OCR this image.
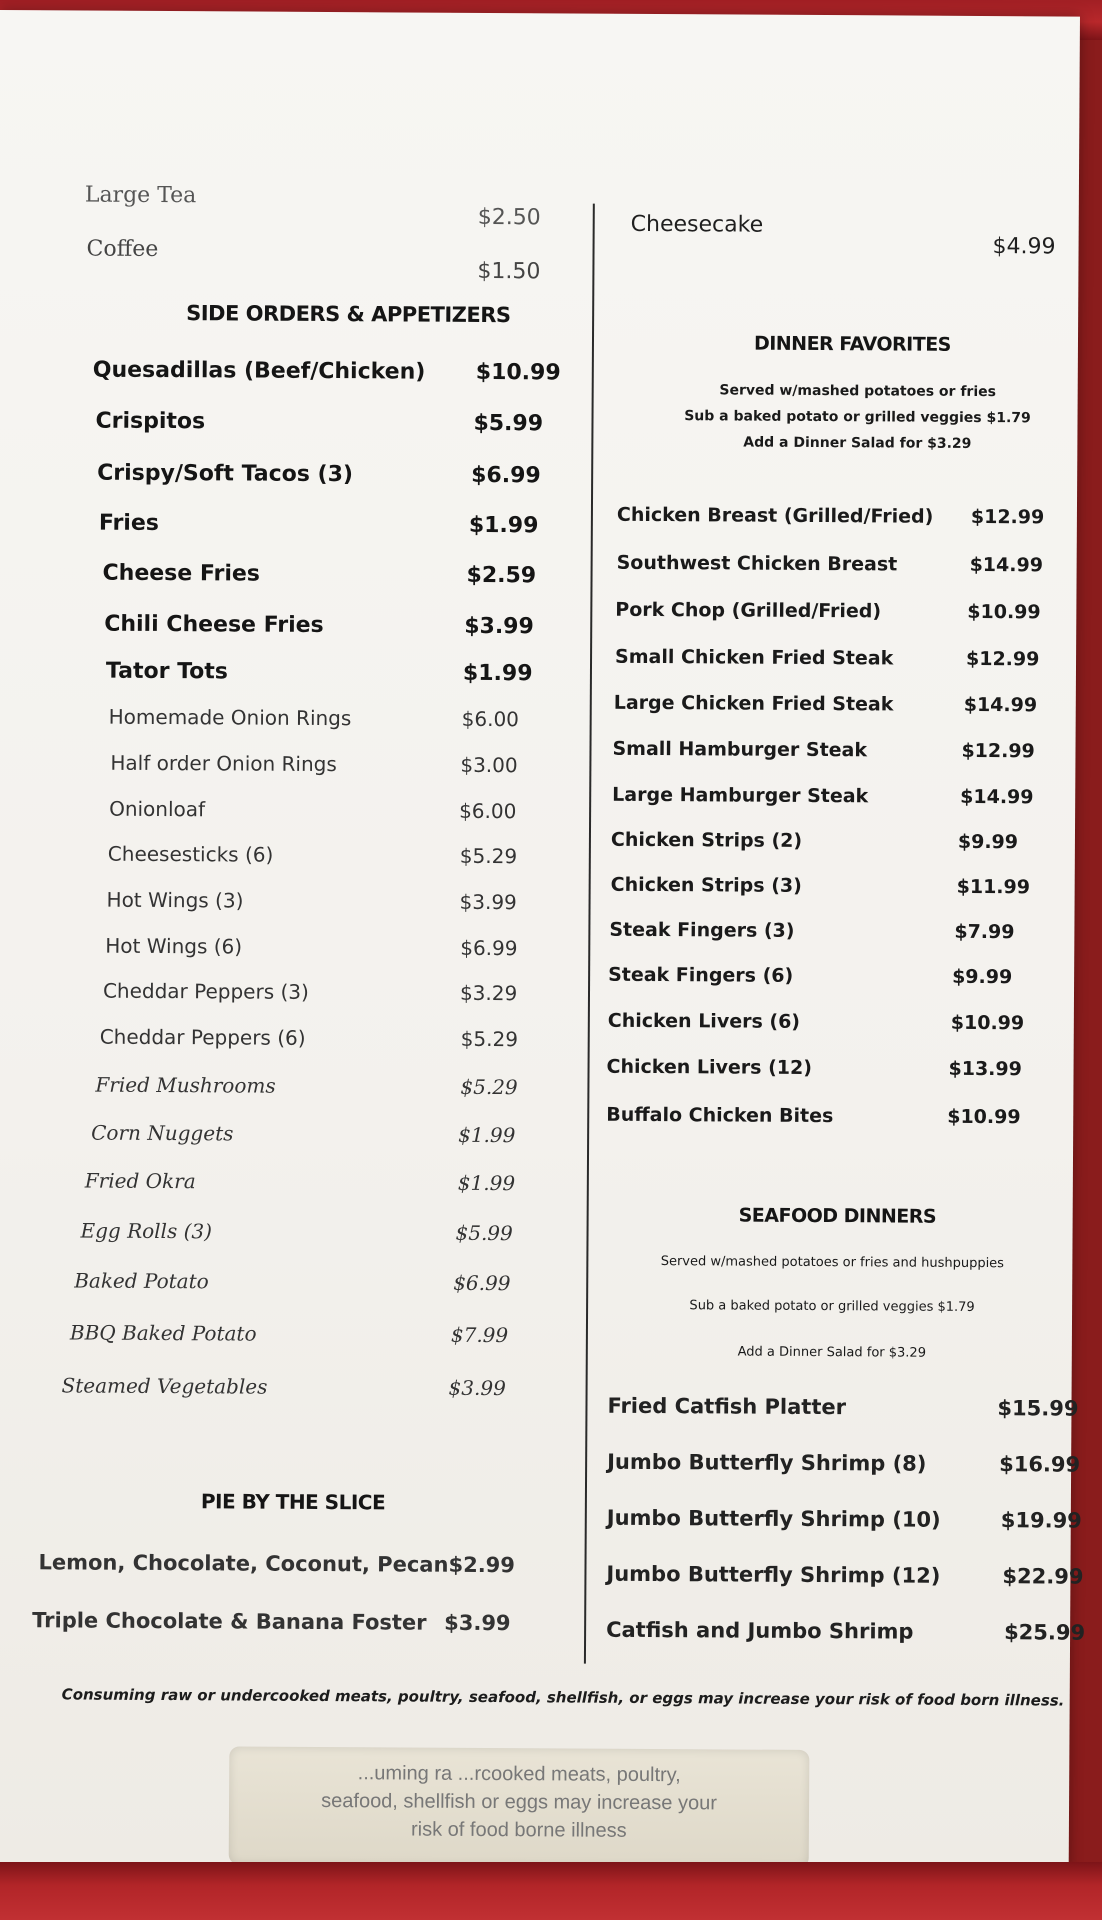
Large Tea
$2.50
Coffee
$1.50
SIDE ORDERS & APPETIZERS
Quesadillas (Beef/Chicken) $10.99
Crispitos	$5.99
Crispy/Soft Tacos (3)	$6.99
Fries	$1.99
Cheese Fries	$2.59
Chili Cheese Fries	$3.99
Tator Tots	$1.99
Homemade Onion Rings	$6.00
Half order Onion Rings	$3.00
Onionloaf	$6.00
Cheesesticks (6)	$5.29
Hot Wings (3)	$3.99
Hot Wings (6)	$6.99
Cheddar Peppers (3)	$3.29
Cheddar Peppers (6)	$5.29
Fried Mushrooms	$5.29
Corn Nuggets	$1.99
Fried Okra	$1.99
Egg Rolls (3)	$5.99
Baked Potato	$6.99
BBQ Baked Potato	$7.99
Steamed Vegetables	$3.99
PIE BY THE SLICE
Lemon, Chocolate, Coconut, Pecan $2.99
Triple Chocolate & Banana Foster $3.99
Cheesecake
$4.99
DINNER FAVORITES
Served w/mashed potatoes or fries
Sub a baked potato or grilled veggies $1.79
Add a Dinner Salad for $3.29
Chicken Breast (Grilled/Fried) $12.99
Southwest Chicken Breast	$14.99
Pork Chop (Grilled/Fried)	$10.99
Small Chicken Fried Steak	$12.99
Large Chicken Fried Steak	$14.99
Small Hamburger Steak	$12.99
Large Hamburger Steak	$14.99
Chicken Strips (2)	$9.99
Chicken Strips (3)	$11.99
Steak Fingers (3)	$7.99
Steak Fingers (6)	$9.99
Chicken Livers (6)	$10.99
Chicken Livers (12)	$13.99
Buffalo Chicken Bites	$10.99
SEAFOOD DINNERS
Served w/mashed potatoes or fries and hushpuppies
Sub a baked potato or grilled veggies $1.79
Add a Dinner Salad for $3.29
Fried Catfish Platter	$15.99
Jumbo Butterfly Shrimp (8)	$16.99
Jumbo Butterfly Shrimp (10)	$19.99
Jumbo Butterfly Shrimp (12)	$22.99
Catfish and Jumbo Shrimp	$25.99
Consuming raw or undercooked meats, poultry, seafood, shellfish, or eggs may increase your risk of food born illness.
...uming ra ...rcooked meats, poultry,
seafood, shellfish or eggs may increase your
risk of food borne illness
